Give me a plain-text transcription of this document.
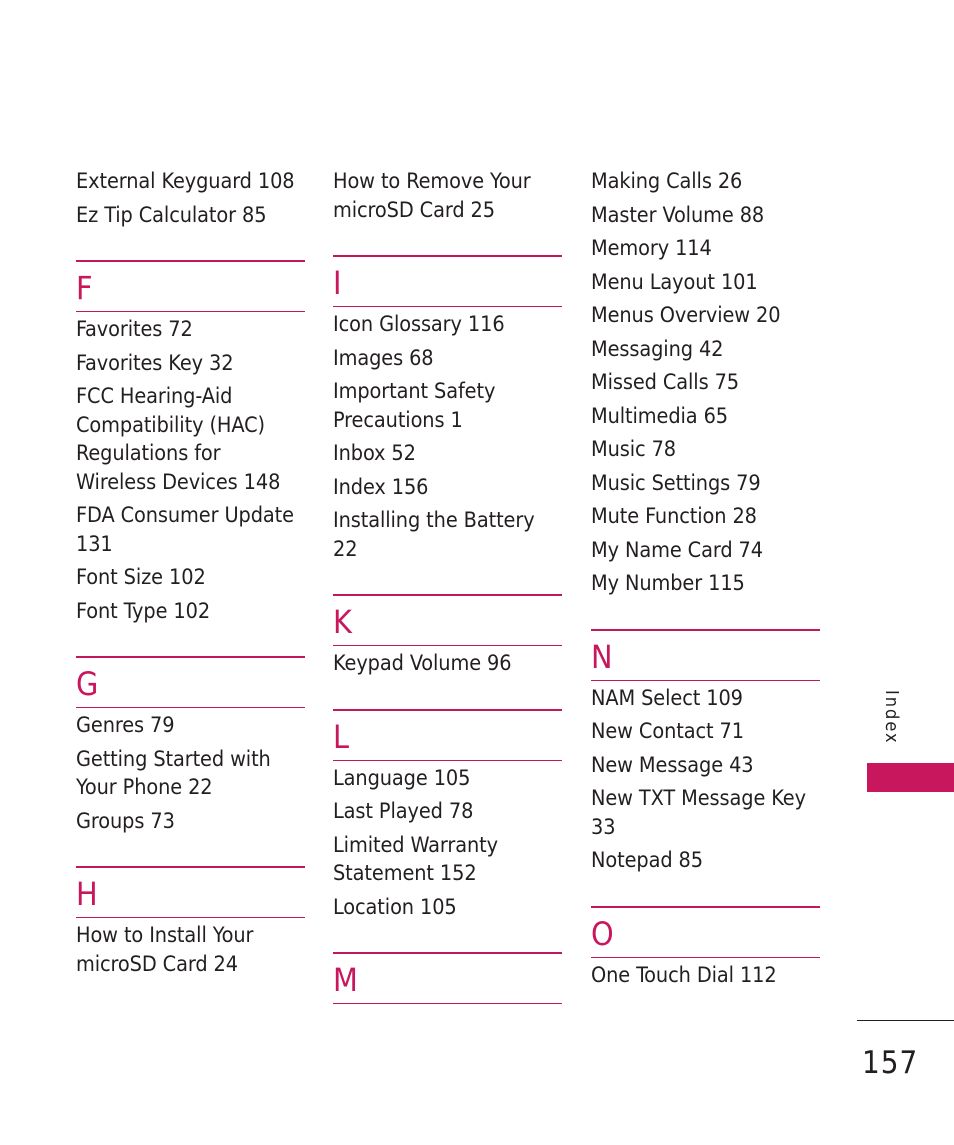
External Keyguard 108
Ez Tip Calculator 85
F
Favorites 72
Favorites Key 32
FCC Hearing-Aid Compatibility (HAC) Regulations for Wireless Devices 148
FDA Consumer Update 131
Font Size 102
Font Type 102
G
Genres 79
Getting Started with Your Phone 22
Groups 73
H
How to Install Your microSD Card 24
How to Remove Your microSD Card 25
I
Icon Glossary 116
Images 68
Important Safety Precautions 1
Inbox 52
Index 156
Installing the Battery 22
K
Keypad Volume 96
L
Language 105
Last Played 78
Limited Warranty Statement 152
Location 105
M
Making Calls 26
Master Volume 88
Memory 114
Menu Layout 101
Menus Overview 20
Messaging 42
Missed Calls 75
Multimedia 65
Music 78
Music Settings 79
Mute Function 28
My Name Card 74
My Number 115
N
NAM Select 109
New Contact 71
New Message 43
New TXT Message Key 33
Notepad 85
O
One Touch Dial 112
Index
157
